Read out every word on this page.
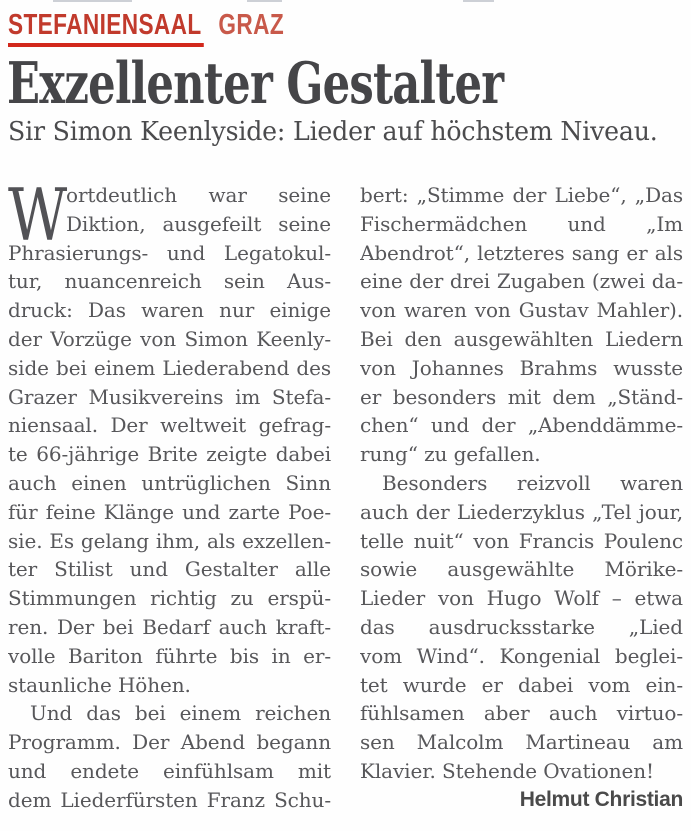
STEFANIENSAAL GRAZ
Exzellenter Gestalter
Sir Simon Keenlyside: Lieder auf höchstem Niveau.
W
ortdeutlich war seine
Diktion, ausgefeilt seine
Phrasierungs- und Legatokul-
tur, nuancenreich sein Aus-
druck: Das waren nur einige
der Vorzüge von Simon Keenly-
side bei einem Liederabend des
Grazer Musikvereins im Stefa-
niensaal. Der weltweit gefrag-
te 66-jährige Brite zeigte dabei
auch einen untrüglichen Sinn
für feine Klänge und zarte Poe-
sie. Es gelang ihm, als exzellen-
ter Stilist und Gestalter alle
Stimmungen richtig zu erspü-
ren. Der bei Bedarf auch kraft-
volle Bariton führte bis in er-
staunliche Höhen.
Und das bei einem reichen
Programm. Der Abend begann
und endete einfühlsam mit
dem Liederfürsten Franz Schu-
bert: „Stimme der Liebe“, „Das
Fischermädchen und „Im
Abendrot“, letzteres sang er als
eine der drei Zugaben (zwei da-
von waren von Gustav Mahler).
Bei den ausgewählten Liedern
von Johannes Brahms wusste
er besonders mit dem „Ständ-
chen“ und der „Abenddämme-
rung“ zu gefallen.
Besonders reizvoll waren
auch der Liederzyklus „Tel jour,
telle nuit“ von Francis Poulenc
sowie ausgewählte Mörike-
Lieder von Hugo Wolf – etwa
das ausdrucksstarke „Lied
vom Wind“. Kongenial beglei-
tet wurde er dabei vom ein-
fühlsamen aber auch virtuo-
sen Malcolm Martineau am
Klavier. Stehende Ovationen!
Helmut Christian
